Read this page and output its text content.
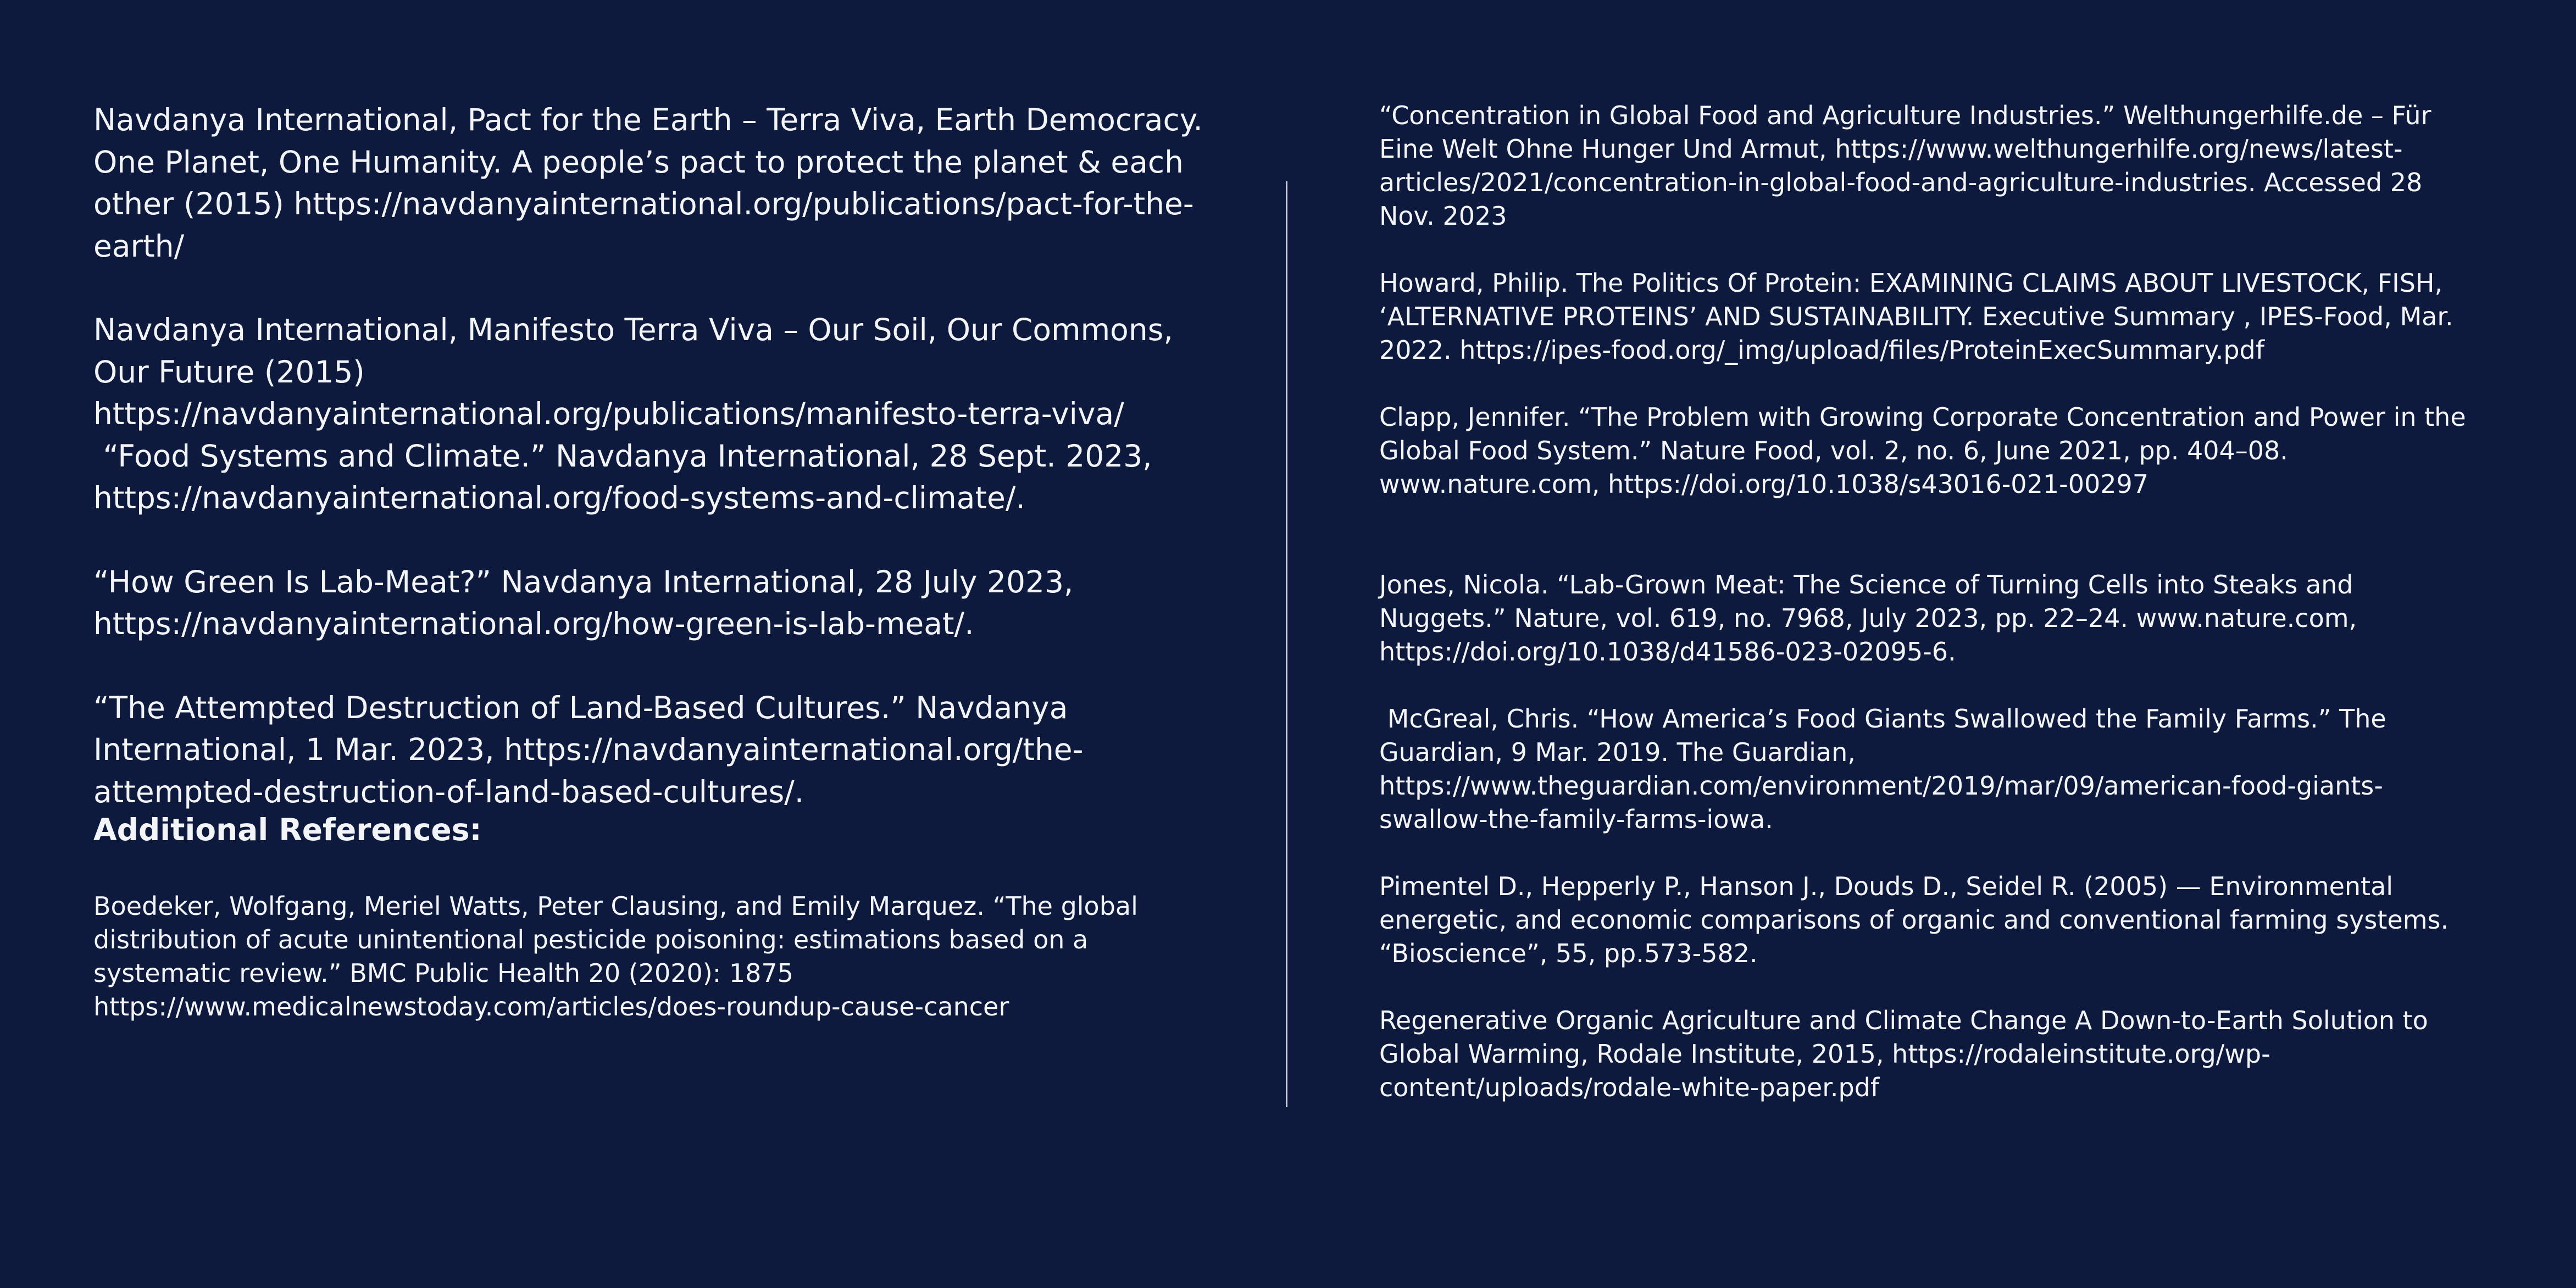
Navdanya International, Pact for the Earth – Terra Viva, Earth Democracy. One Planet, One Humanity. A people’s pact to protect the planet & each other (2015) https://navdanyainternational.org/publications/pact-for-the-earth/

Navdanya International, Manifesto Terra Viva – Our Soil, Our Commons, Our Future (2015) https://navdanyainternational.org/publications/manifesto-terra-viva/

“Food Systems and Climate.” Navdanya International, 28 Sept. 2023, https://navdanyainternational.org/food-systems-and-climate/.

“How Green Is Lab-Meat?” Navdanya International, 28 July 2023, https://navdanyainternational.org/how-green-is-lab-meat/.

“The Attempted Destruction of Land-Based Cultures.” Navdanya International, 1 Mar. 2023, https://navdanyainternational.org/the-attempted-destruction-of-land-based-cultures/.

Additional References:

Boedeker, Wolfgang, Meriel Watts, Peter Clausing, and Emily Marquez. “The global distribution of acute unintentional pesticide poisoning: estimations based on a systematic review.” BMC Public Health 20 (2020): 1875 https://www.medicalnewstoday.com/articles/does-roundup-cause-cancer

“Concentration in Global Food and Agriculture Industries.” Welthungerhilfe.de – Für Eine Welt Ohne Hunger Und Armut, https://www.welthungerhilfe.org/news/latest-articles/2021/concentration-in-global-food-and-agriculture-industries. Accessed 28 Nov. 2023

Howard, Philip. The Politics Of Protein: EXAMINING CLAIMS ABOUT LIVESTOCK, FISH, ‘ALTERNATIVE PROTEINS’ AND SUSTAINABILITY. Executive Summary , IPES-Food, Mar. 2022. https://ipes-food.org/_img/upload/files/ProteinExecSummary.pdf

Clapp, Jennifer. “The Problem with Growing Corporate Concentration and Power in the Global Food System.” Nature Food, vol. 2, no. 6, June 2021, pp. 404–08. www.nature.com, https://doi.org/10.1038/s43016-021-00297

Jones, Nicola. “Lab-Grown Meat: The Science of Turning Cells into Steaks and Nuggets.” Nature, vol. 619, no. 7968, July 2023, pp. 22–24. www.nature.com, https://doi.org/10.1038/d41586-023-02095-6.

McGreal, Chris. “How America’s Food Giants Swallowed the Family Farms.” The Guardian, 9 Mar. 2019. The Guardian, https://www.theguardian.com/environment/2019/mar/09/american-food-giants-swallow-the-family-farms-iowa.

Pimentel D., Hepperly P., Hanson J., Douds D., Seidel R. (2005) — Environmental energetic, and economic comparisons of organic and conventional farming systems. “Bioscience”, 55, pp.573-582.

Regenerative Organic Agriculture and Climate Change A Down-to-Earth Solution to Global Warming, Rodale Institute, 2015, https://rodaleinstitute.org/wp-content/uploads/rodale-white-paper.pdf
